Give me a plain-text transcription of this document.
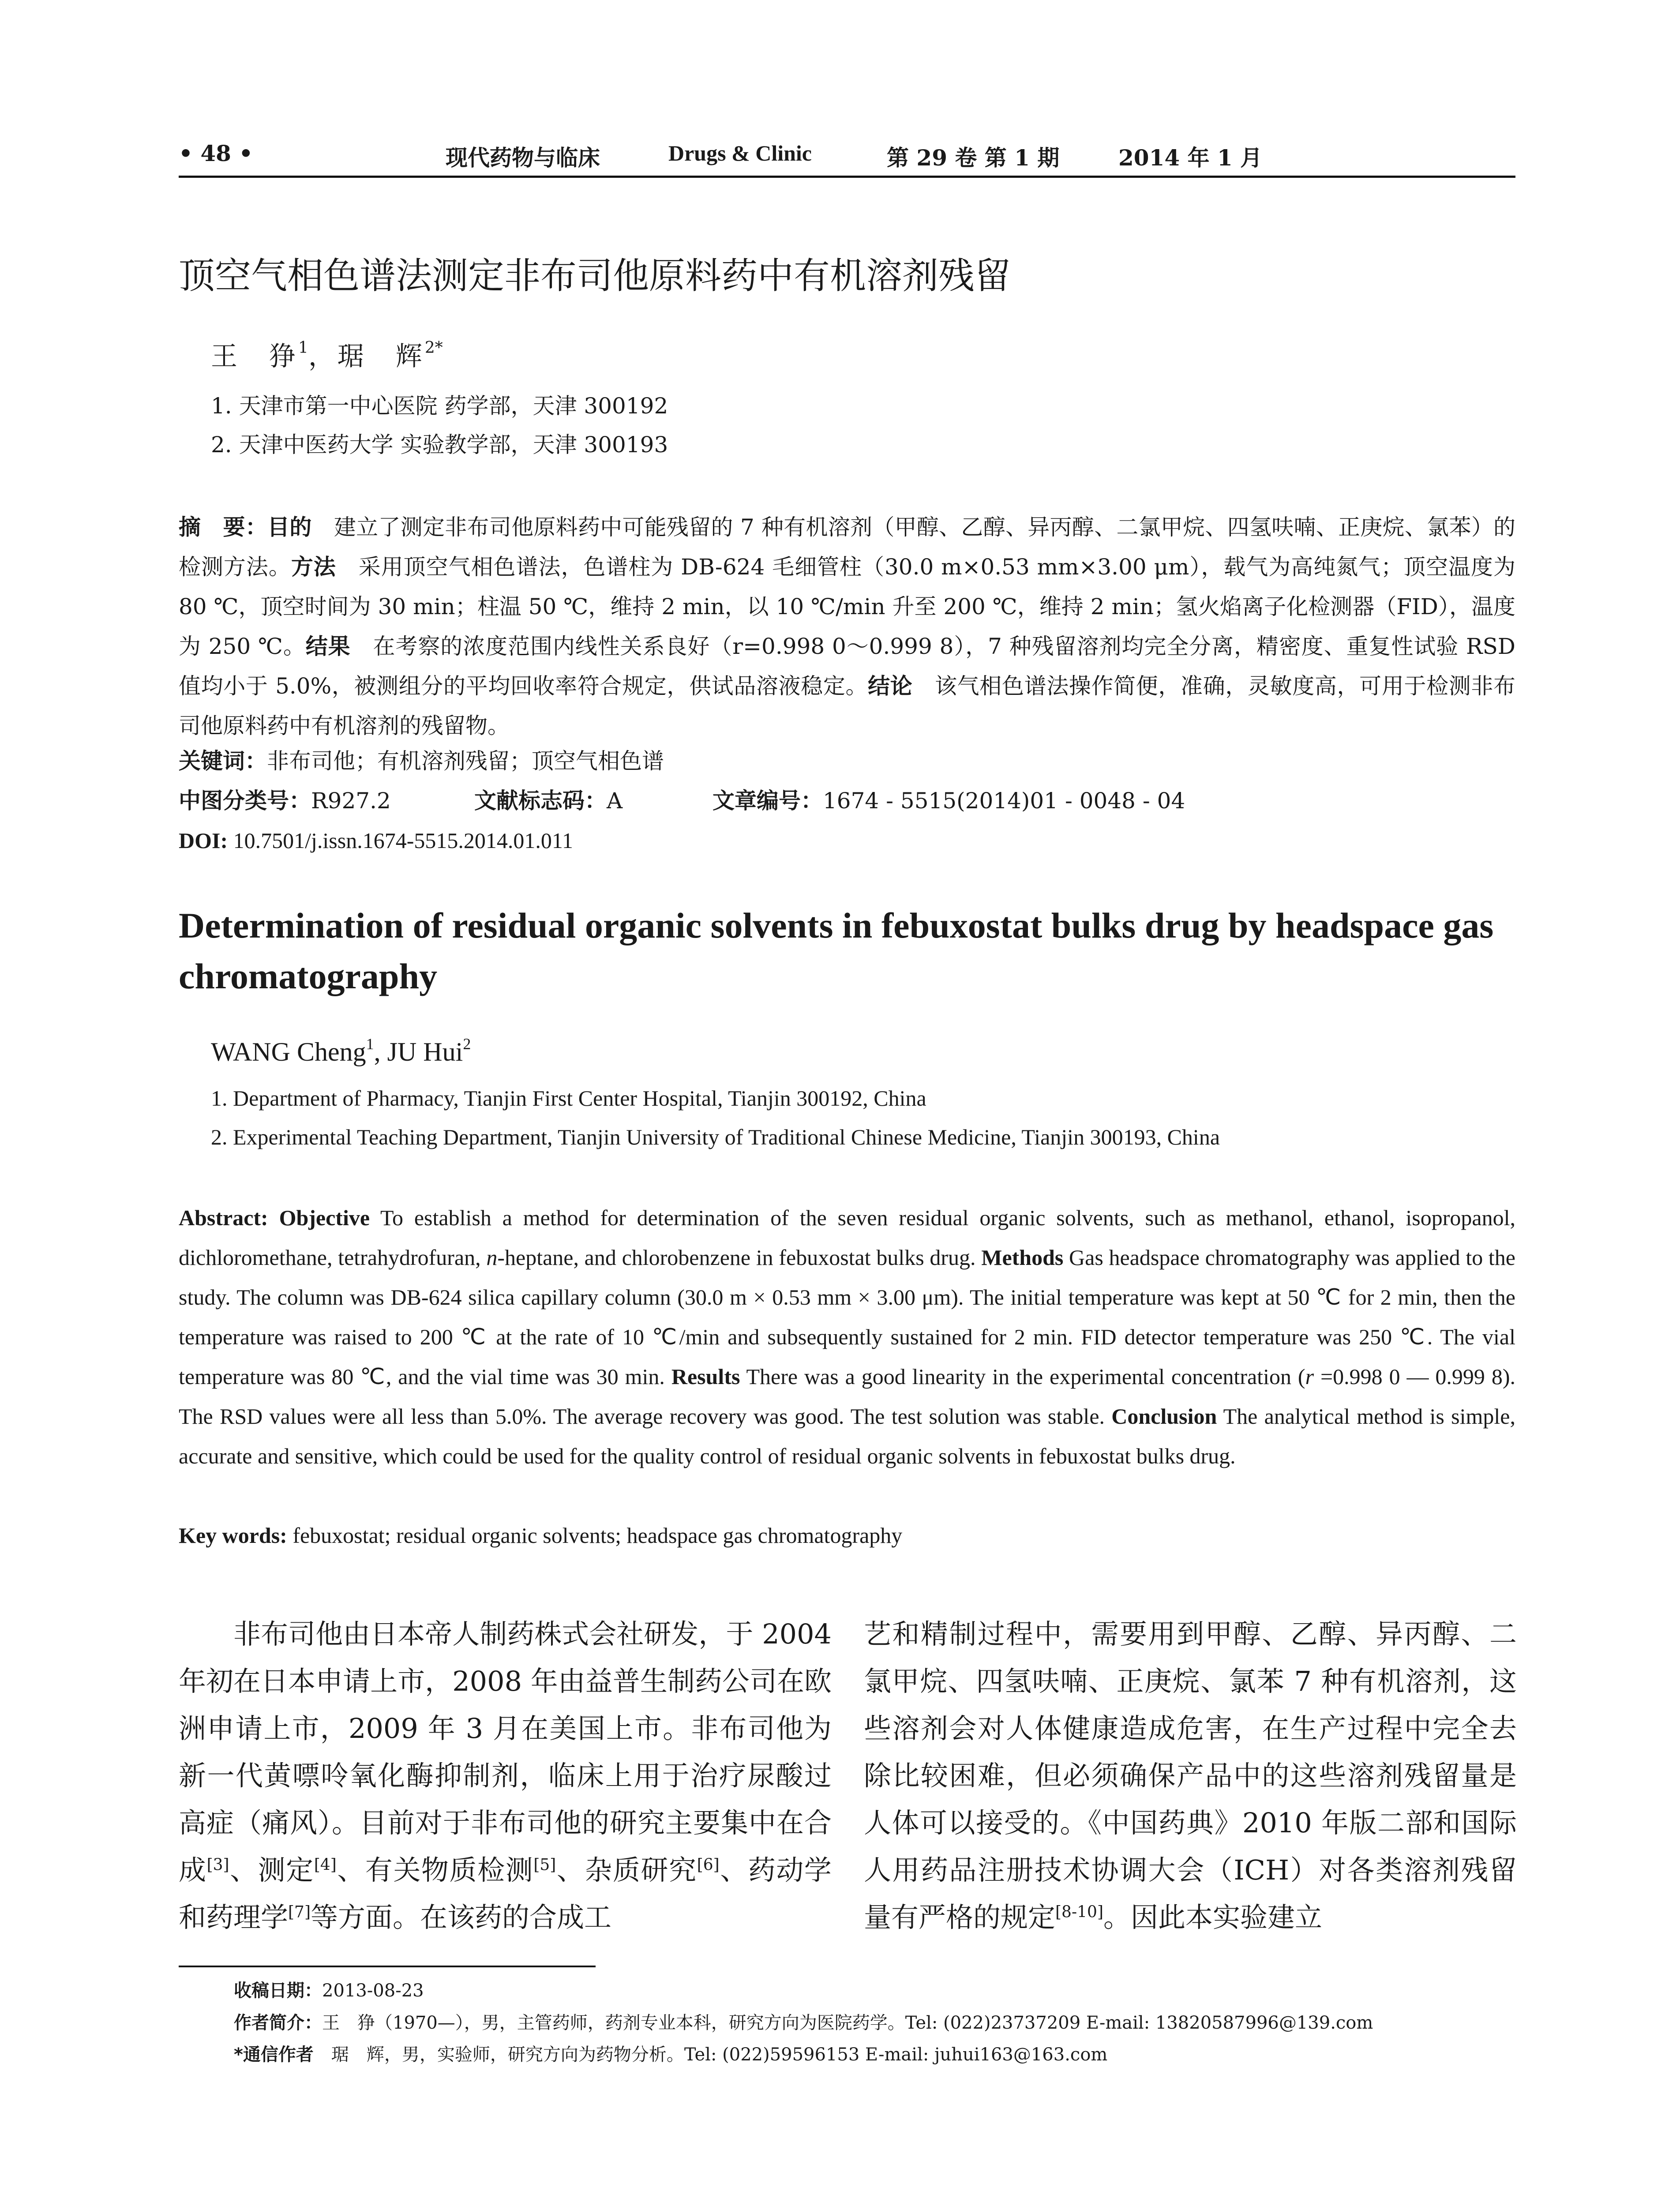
• 48 •	现代药物与临床	Drugs & Clinic	第 29 卷 第 1 期	2014 年 1 月
顶空气相色谱法测定非布司他原料药中有机溶剂残留
王　狰$^1$，琚　辉$^{2*}$
1. 天津市第一中心医院 药学部，天津 300192
2. 天津中医药大学 实验教学部，天津 300193
摘　要：目的　建立了测定非布司他原料药中可能残留的 7 种有机溶剂（甲醇、乙醇、异丙醇、二氯甲烷、四氢呋喃、正庚烷、氯苯）的检测方法。方法　采用顶空气相色谱法，色谱柱为 DB-624 毛细管柱（30.0 m×0.53 mm×3.00 μm），载气为高纯氮气；顶空温度为 80 ℃，顶空时间为 30 min；柱温 50 ℃，维持 2 min，以 10 ℃/min 升至 200 ℃，维持 2 min；氢火焰离子化检测器（FID），温度为 250 ℃。结果　在考察的浓度范围内线性关系良好（r=0.998 0～0.999 8），7 种残留溶剂均完全分离，精密度、重复性试验 RSD 值均小于 5.0%，被测组分的平均回收率符合规定，供试品溶液稳定。结论　该气相色谱法操作简便，准确，灵敏度高，可用于检测非布司他原料药中有机溶剂的残留物。
关键词：非布司他；有机溶剂残留；顶空气相色谱
中图分类号：R927.2	文献标志码：A	文章编号：1674 - 5515(2014)01 - 0048 - 04
DOI: 10.7501/j.issn.1674-5515.2014.01.011
Determination of residual organic solvents in febuxostat bulks drug by headspace gas chromatography
WANG Cheng$^1$, JU Hui$^2$
1. Department of Pharmacy, Tianjin First Center Hospital, Tianjin 300192, China
2. Experimental Teaching Department, Tianjin University of Traditional Chinese Medicine, Tianjin 300193, China
Abstract: Objective To establish a method for determination of the seven residual organic solvents, such as methanol, ethanol, isopropanol, dichloromethane, tetrahydrofuran, n-heptane, and chlorobenzene in febuxostat bulks drug. Methods Gas headspace chromatography was applied to the study. The column was DB-624 silica capillary column (30.0 m × 0.53 mm × 3.00 μm). The initial temperature was kept at 50 ℃ for 2 min, then the temperature was raised to 200 ℃ at the rate of 10 ℃/min and subsequently sustained for 2 min. FID detector temperature was 250 ℃. The vial temperature was 80 ℃, and the vial time was 30 min. Results There was a good linearity in the experimental concentration (r =0.998 0 — 0.999 8). The RSD values were all less than 5.0%. The average recovery was good. The test solution was stable. Conclusion The analytical method is simple, accurate and sensitive, which could be used for the quality control of residual organic solvents in febuxostat bulks drug.
Key words: febuxostat; residual organic solvents; headspace gas chromatography

非布司他由日本帝人制药株式会社研发，于 2004 年初在日本申请上市，2008 年由益普生制药公司在欧洲申请上市，2009 年 3 月在美国上市。非布司他为新一代黄嘌呤氧化酶抑制剂，临床上用于治疗尿酸过高症（痛风）。目前对于非布司他的研究主要集中在合成[3]、测定[4]、有关物质检测[5]、杂质研究[6]、药动学和药理学[7]等方面。在该药的合成工

艺和精制过程中，需要用到甲醇、乙醇、异丙醇、二氯甲烷、四氢呋喃、正庚烷、氯苯 7 种有机溶剂，这些溶剂会对人体健康造成危害，在生产过程中完全去除比较困难，但必须确保产品中的这些溶剂残留量是人体可以接受的。《中国药典》2010 年版二部和国际人用药品注册技术协调大会（ICH）对各类溶剂残留量有严格的规定[8-10]。因此本实验建立

收稿日期：2013-08-23
作者简介：王　狰（1970—），男，主管药师，药剂专业本科，研究方向为医院药学。Tel: (022)23737209 E-mail: 13820587996@139.com
*通信作者　琚　辉，男，实验师，研究方向为药物分析。Tel: (022)59596153 E-mail: juhui163@163.com
